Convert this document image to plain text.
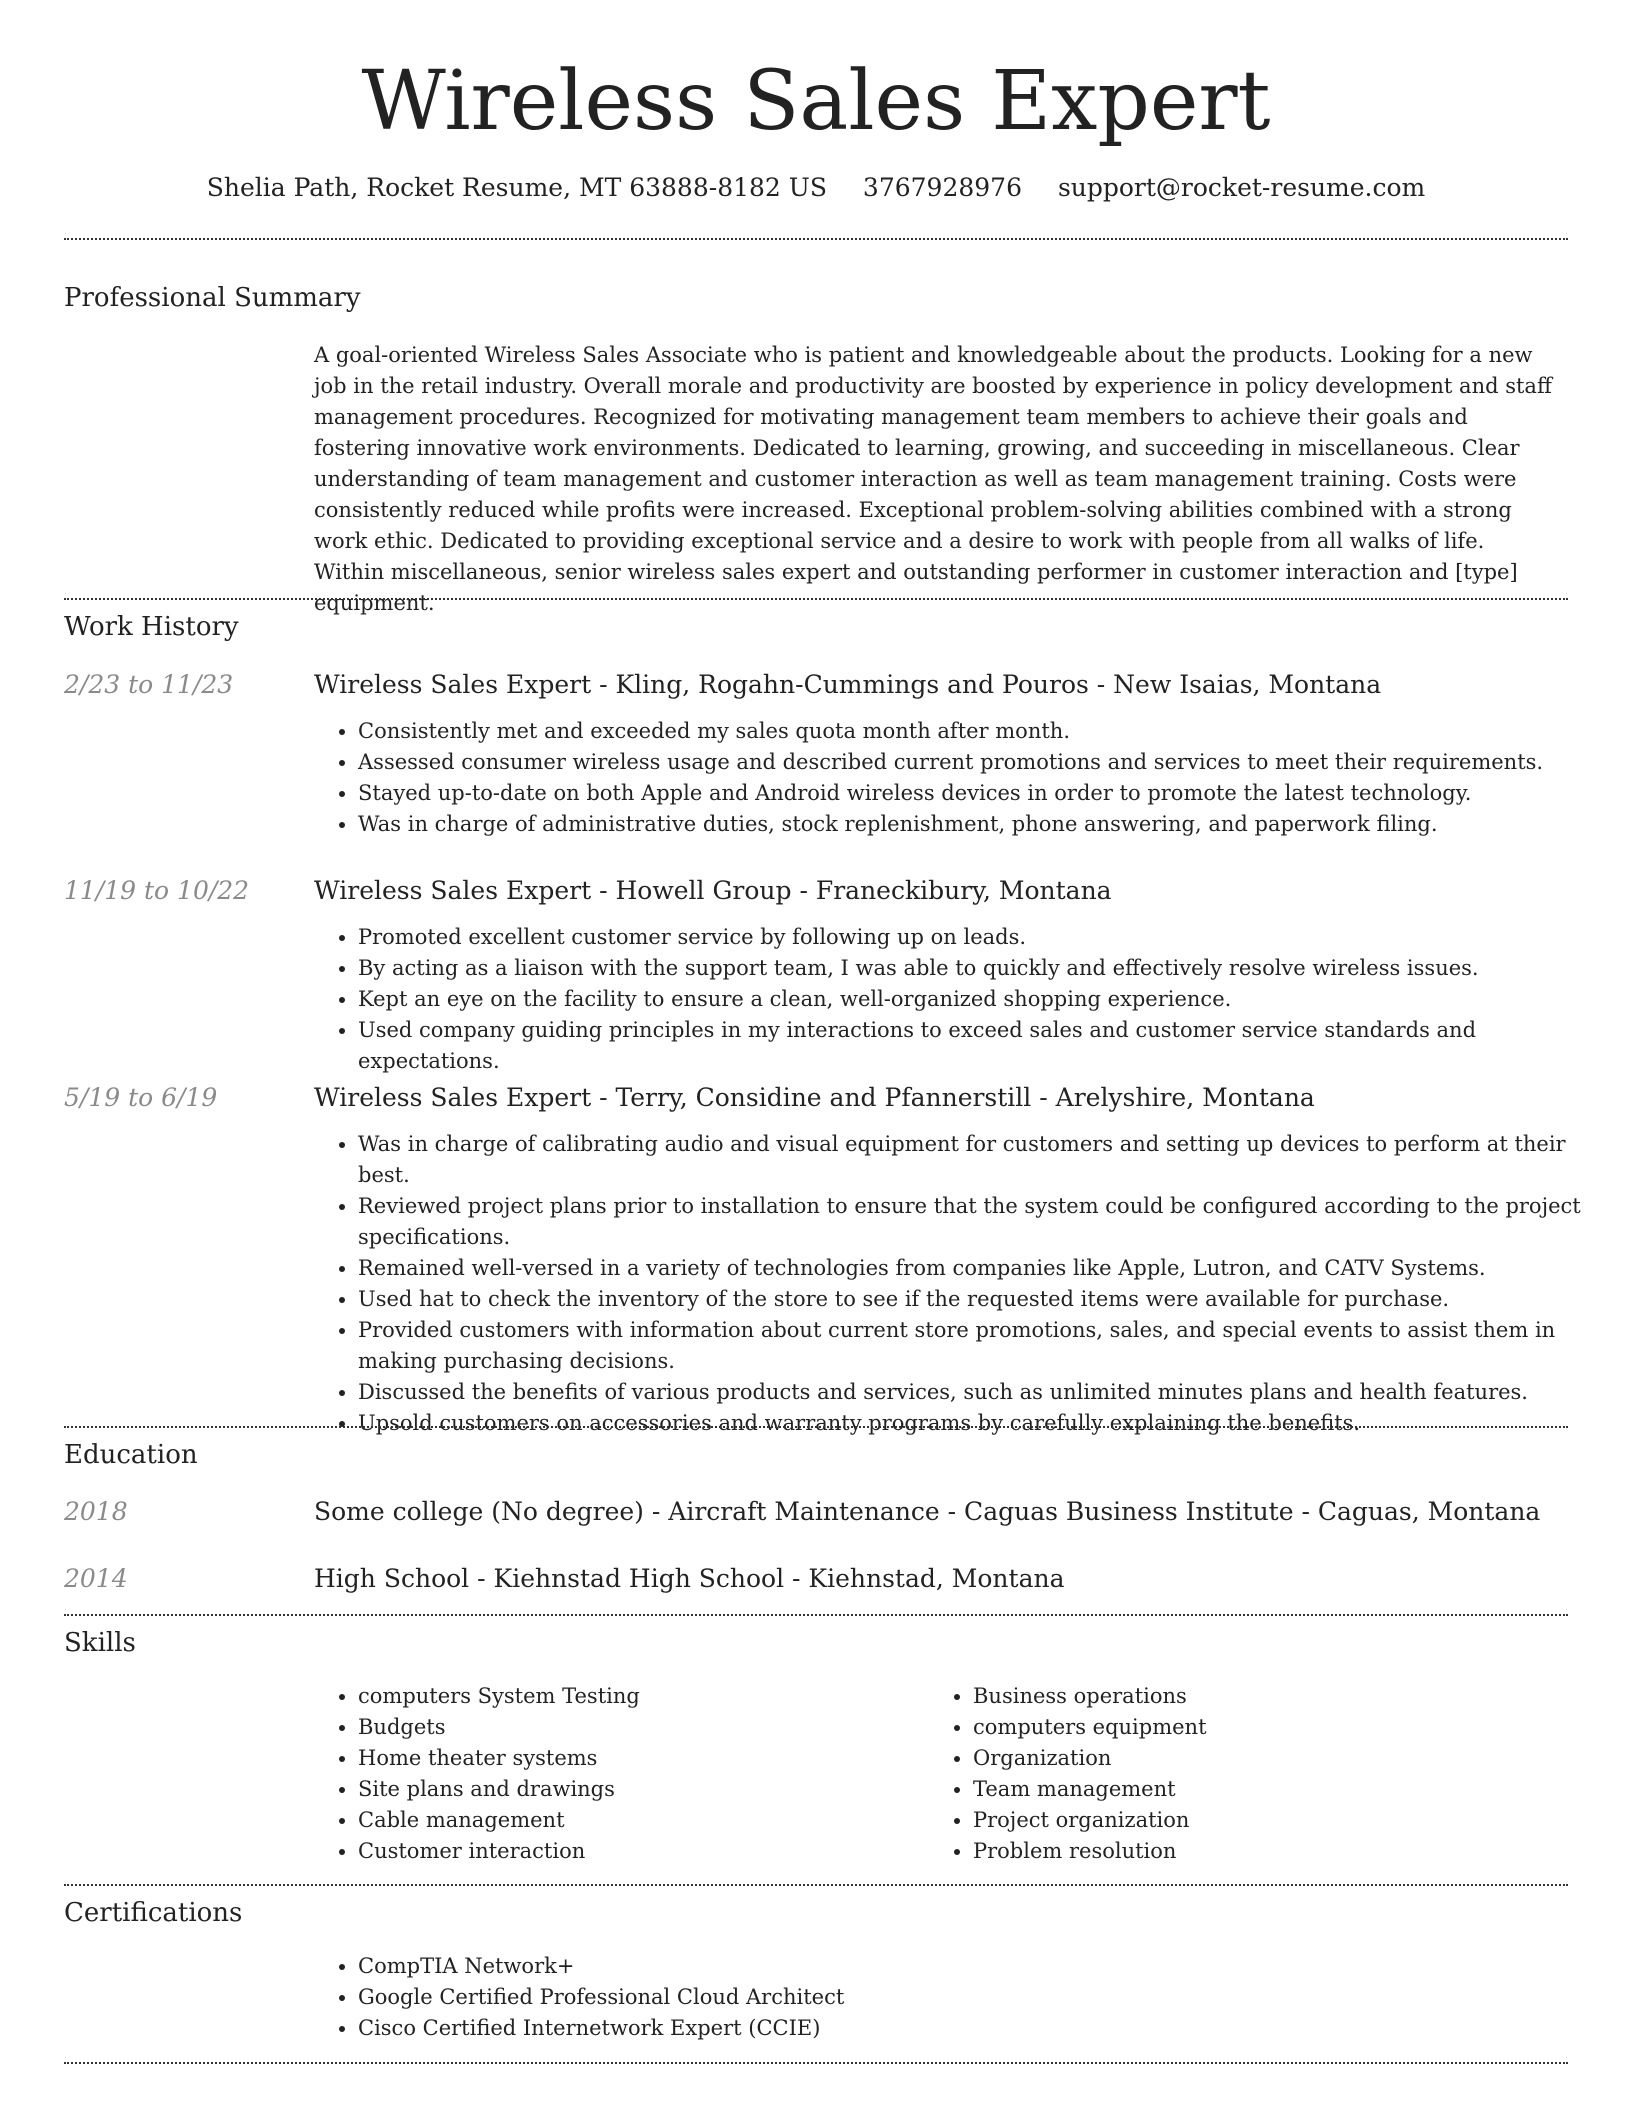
Wireless Sales Expert
Shelia Path, Rocket Resume, MT 63888-8182 US 3767928976 support@rocket-resume.com
Professional Summary

A goal-oriented Wireless Sales Associate who is patient and knowledgeable about the products. Looking for a new job in the retail industry. Overall morale and productivity are boosted by experience in policy development and staff management procedures. Recognized for motivating management team members to achieve their goals and fostering innovative work environments. Dedicated to learning, growing, and succeeding in miscellaneous. Clear understanding of team management and customer interaction as well as team management training. Costs were consistently reduced while profits were increased. Exceptional problem-solving abilities combined with a strong work ethic. Dedicated to providing exceptional service and a desire to work with people from all walks of life. Within miscellaneous, senior wireless sales expert and outstanding performer in customer interaction and [type] equipment.

Work History
2/23 to 11/23	Wireless Sales Expert - Kling, Rogahn-Cummings and Pouros - New Isaias, Montana
• Consistently met and exceeded my sales quota month after month.
• Assessed consumer wireless usage and described current promotions and services to meet their requirements.
• Stayed up-to-date on both Apple and Android wireless devices in order to promote the latest technology.
• Was in charge of administrative duties, stock replenishment, phone answering, and paperwork filing.
11/19 to 10/22	Wireless Sales Expert - Howell Group - Franeckibury, Montana
• Promoted excellent customer service by following up on leads.
• By acting as a liaison with the support team, I was able to quickly and effectively resolve wireless issues.
• Kept an eye on the facility to ensure a clean, well-organized shopping experience.
• Used company guiding principles in my interactions to exceed sales and customer service standards and expectations.
5/19 to 6/19	Wireless Sales Expert - Terry, Considine and Pfannerstill - Arelyshire, Montana
• Was in charge of calibrating audio and visual equipment for customers and setting up devices to perform at their best.
• Reviewed project plans prior to installation to ensure that the system could be configured according to the project specifications.
• Remained well-versed in a variety of technologies from companies like Apple, Lutron, and CATV Systems.
• Used hat to check the inventory of the store to see if the requested items were available for purchase.
• Provided customers with information about current store promotions, sales, and special events to assist them in making purchasing decisions.
• Discussed the benefits of various products and services, such as unlimited minutes plans and health features.
• Upsold customers on accessories and warranty programs by carefully explaining the benefits.
Education
2018	Some college (No degree) - Aircraft Maintenance - Caguas Business Institute - Caguas, Montana
2014	High School - Kiehnstad High School - Kiehnstad, Montana
Skills
• computers System Testing
• Budgets
• Home theater systems
• Site plans and drawings
• Cable management
• Customer interaction
• Business operations
• computers equipment
• Organization
• Team management
• Project organization
• Problem resolution
Certifications
• CompTIA Network+
• Google Certified Professional Cloud Architect
• Cisco Certified Internetwork Expert (CCIE)
